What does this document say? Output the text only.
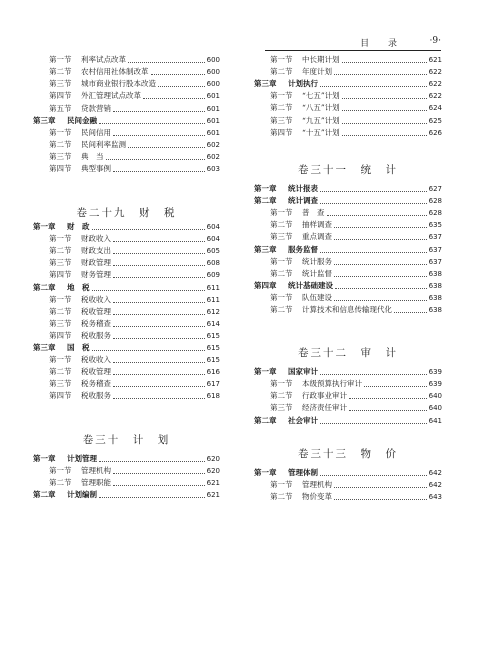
目 录	·9·
卷二十九　财　税
卷三十　计　划
第一节	利率试点改革	600
第二节	农村信用社体制改革	600
第三节	城市商业银行股本改造	600
第四节	外汇管理试点改革	601
第五节	贷款营销	601
第三章	民间金融	601
第一节	民间信用	601
第二节	民间利率监测	602
第三节	典　当	602
第四节	典型事例	603
第一章	财　政	604
第一节	财政收入	604
第二节	财政支出	605
第三节	财政管理	608
第四节	财务管理	609
第二章	地　税	611
第一节	税收收入	611
第二节	税收管理	612
第三节	税务稽查	614
第四节	税收服务	615
第三章	国　税	615
第一节	税收收入	615
第二节	税收管理	616
第三节	税务稽查	617
第四节	税收服务	618
第一章	计划管理	620
第一节	管理机构	620
第二节	管理职能	621
第二章	计划编制	621
卷三十一　统　计
卷三十二　审　计
卷三十三　物　价
第一节	中长期计划	621
第二节	年度计划	622
第三章	计划执行	622
第一节	“七五”计划	622
第二节	“八五”计划	624
第三节	“九五”计划	625
第四节	“十五”计划	626
第一章	统计报表	627
第二章	统计调查	628
第一节	普　查	628
第二节	抽样调查	635
第三节	重点调查	637
第三章	服务监督	637
第一节	统计服务	637
第二节	统计监督	638
第四章	统计基础建设	638
第一节	队伍建设	638
第二节	计算技术和信息传输现代化	638
第一章	国家审计	639
第一节	本级预算执行审计	639
第二节	行政事业审计	640
第三节	经济责任审计	640
第二章	社会审计	641
第一章	管理体制	642
第一节	管理机构	642
第二节	物价变革	643
